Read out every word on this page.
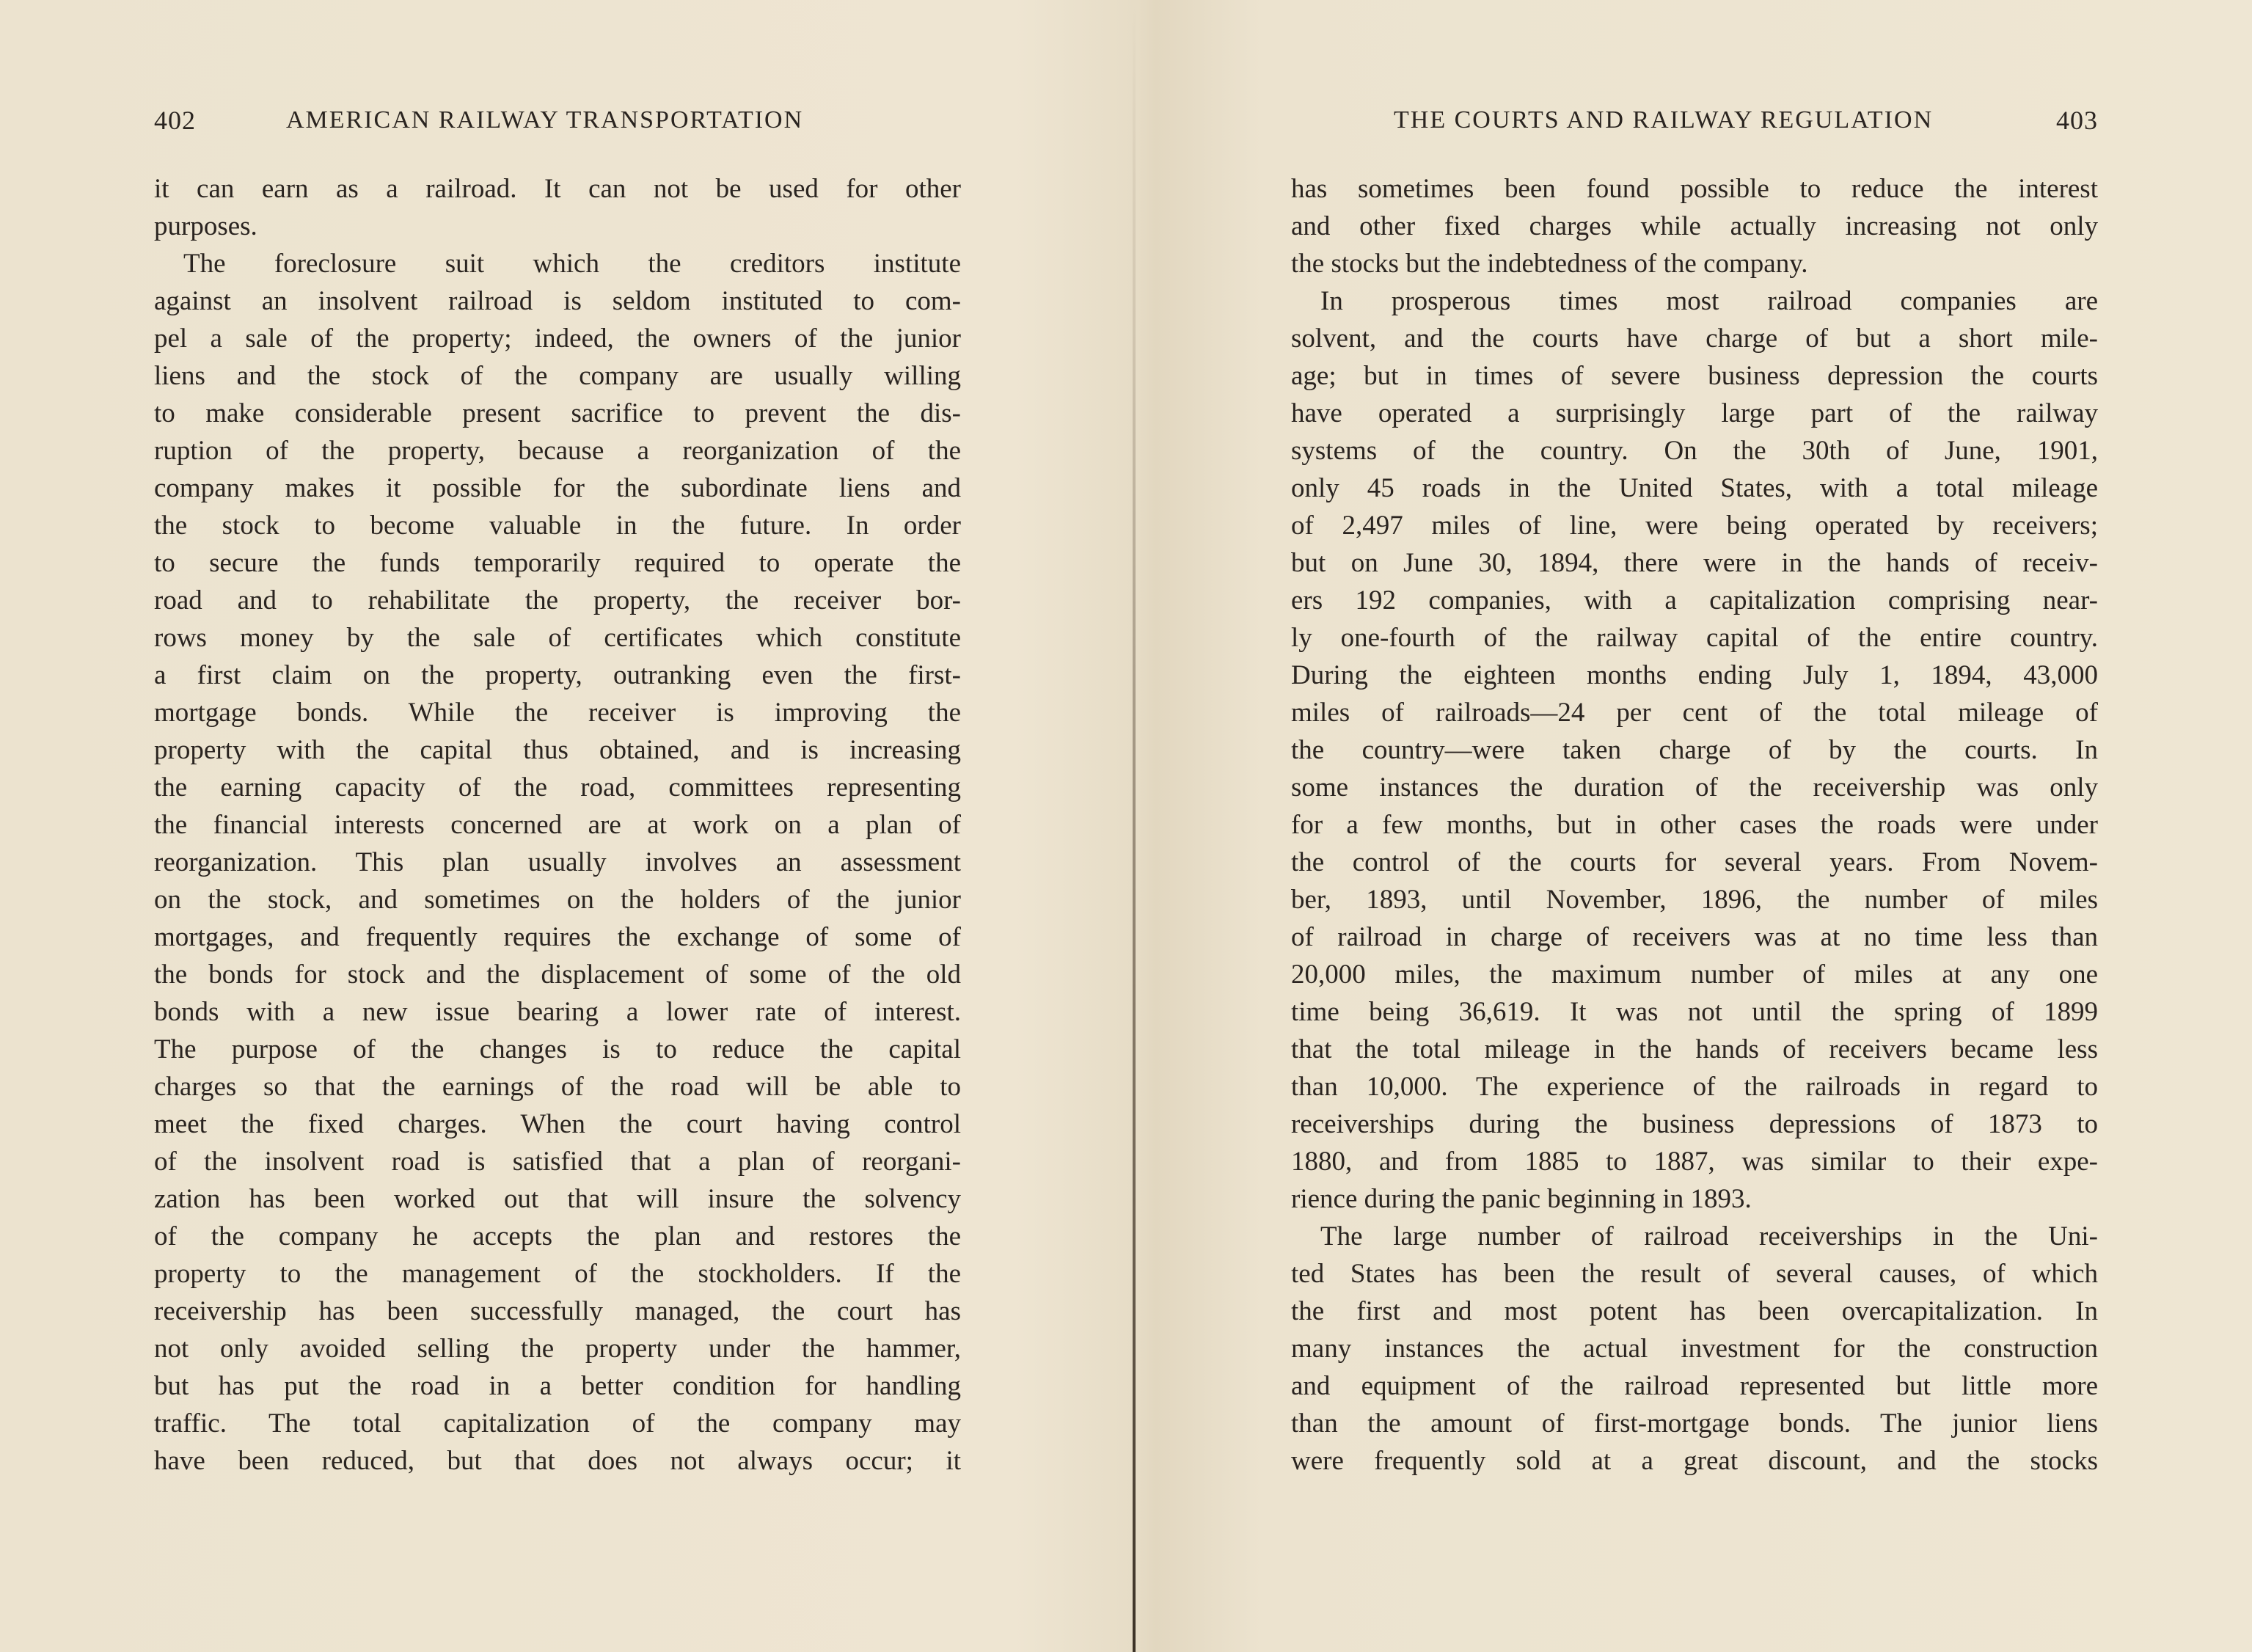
402	AMERICAN RAILWAY TRANSPORTATION

it can earn as a railroad. It can not be used for other

purposes.

The foreclosure suit which the creditors institute

against an insolvent railroad is seldom instituted to com-

pel a sale of the property; indeed, the owners of the junior

liens and the stock of the company are usually willing

to make considerable present sacrifice to prevent the dis-

ruption of the property, because a reorganization of the

company makes it possible for the subordinate liens and

the stock to become valuable in the future. In order

to secure the funds temporarily required to operate the

road and to rehabilitate the property, the receiver bor-

rows money by the sale of certificates which constitute

a first claim on the property, outranking even the first-

mortgage bonds. While the receiver is improving the

property with the capital thus obtained, and is increasing

the earning capacity of the road, committees representing

the financial interests concerned are at work on a plan of

reorganization. This plan usually involves an assessment

on the stock, and sometimes on the holders of the junior

mortgages, and frequently requires the exchange of some of

the bonds for stock and the displacement of some of the old

bonds with a new issue bearing a lower rate of interest.

The purpose of the changes is to reduce the capital

charges so that the earnings of the road will be able to

meet the fixed charges. When the court having control

of the insolvent road is satisfied that a plan of reorgani-

zation has been worked out that will insure the solvency

of the company he accepts the plan and restores the

property to the management of the stockholders. If the

receivership has been successfully managed, the court has

not only avoided selling the property under the hammer,

but has put the road in a better condition for handling

traffic. The total capitalization of the company may

have been reduced, but that does not always occur; it

THE COURTS AND RAILWAY REGULATION	403

has sometimes been found possible to reduce the interest

and other fixed charges while actually increasing not only

the stocks but the indebtedness of the company.

In prosperous times most railroad companies are

solvent, and the courts have charge of but a short mile-

age; but in times of severe business depression the courts

have operated a surprisingly large part of the railway

systems of the country. On the 30th of June, 1901,

only 45 roads in the United States, with a total mileage

of 2,497 miles of line, were being operated by receivers;

but on June 30, 1894, there were in the hands of receiv-

ers 192 companies, with a capitalization comprising near-

ly one-fourth of the railway capital of the entire country.

During the eighteen months ending July 1, 1894, 43,000

miles of railroads—24 per cent of the total mileage of

the country—were taken charge of by the courts. In

some instances the duration of the receivership was only

for a few months, but in other cases the roads were under

the control of the courts for several years. From Novem-

ber, 1893, until November, 1896, the number of miles

of railroad in charge of receivers was at no time less than

20,000 miles, the maximum number of miles at any one

time being 36,619. It was not until the spring of 1899

that the total mileage in the hands of receivers became less

than 10,000. The experience of the railroads in regard to

receiverships during the business depressions of 1873 to

1880, and from 1885 to 1887, was similar to their expe-

rience during the panic beginning in 1893.

The large number of railroad receiverships in the Uni-

ted States has been the result of several causes, of which

the first and most potent has been overcapitalization. In

many instances the actual investment for the construction

and equipment of the railroad represented but little more

than the amount of first-mortgage bonds. The junior liens

were frequently sold at a great discount, and the stocks
